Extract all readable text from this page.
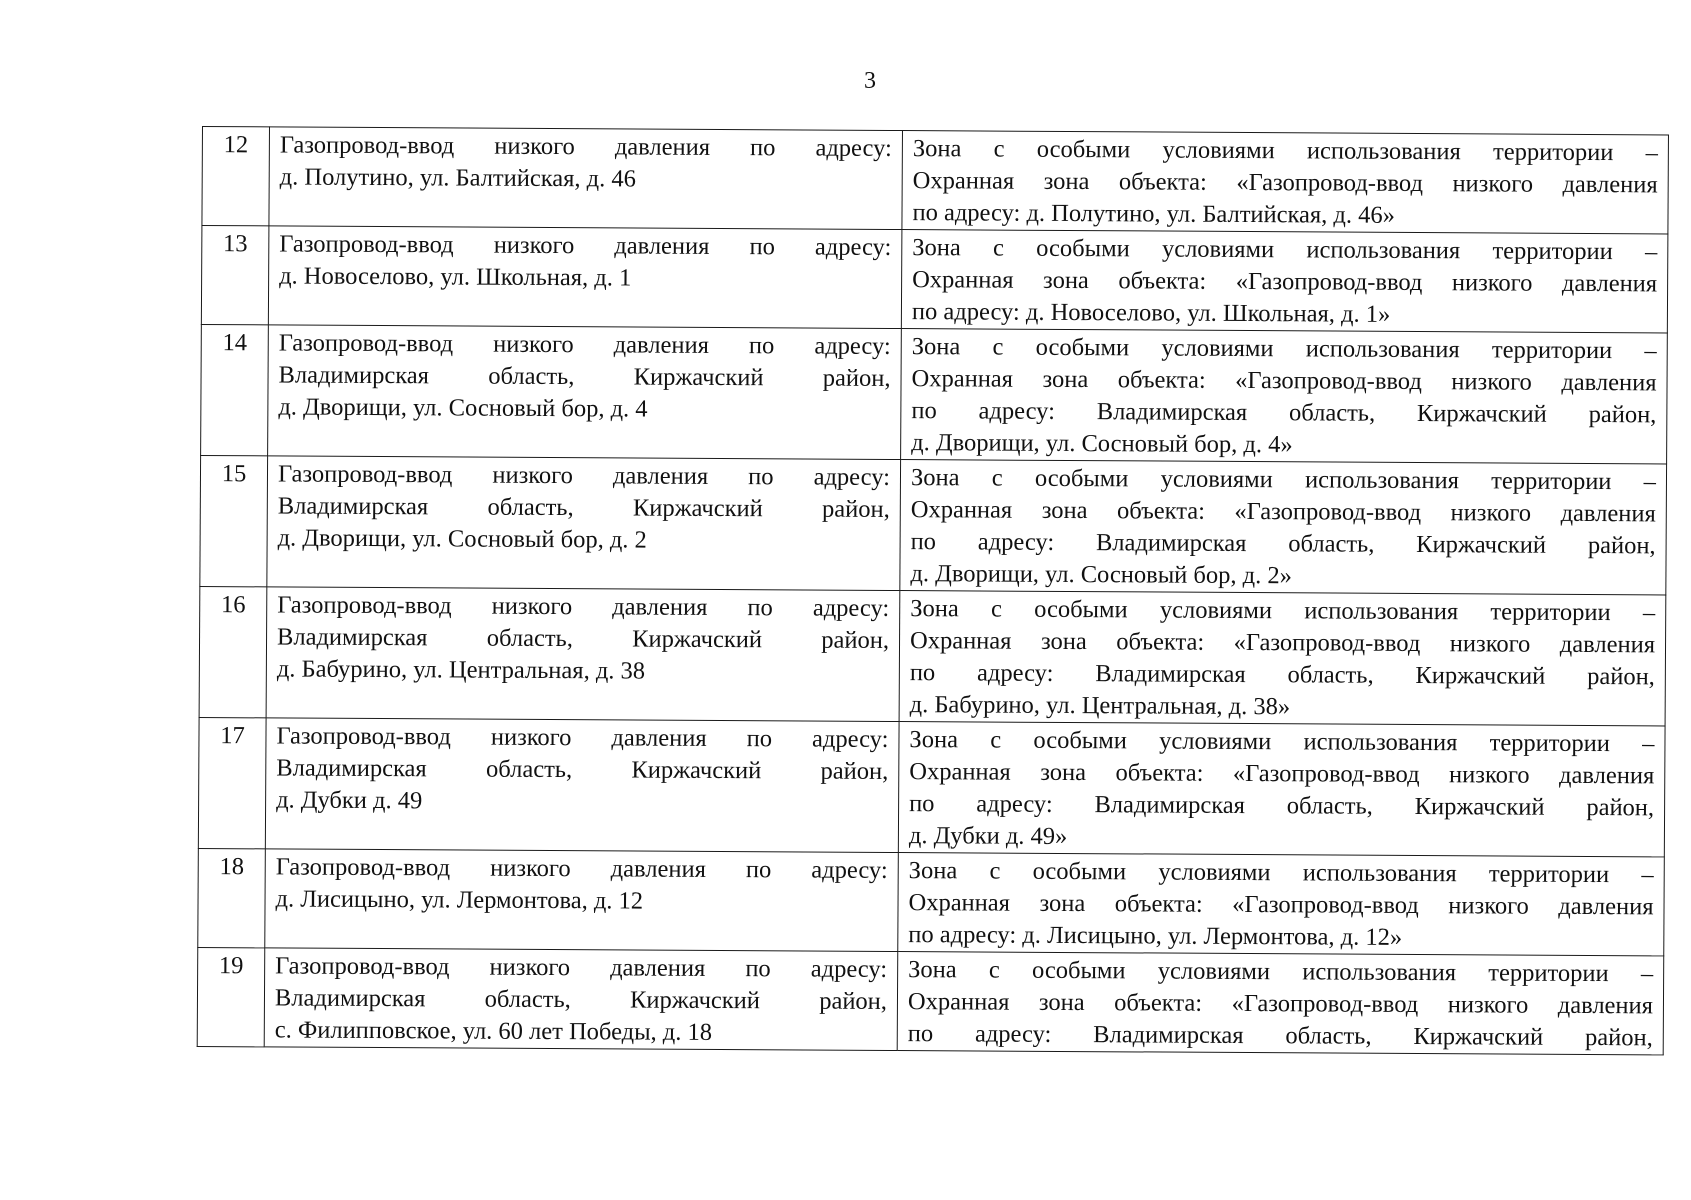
3
12	Газопровод-ввод низкого давления по адресу:
д. Полутино, ул. Балтийская, д. 46	Зона с особыми условиями использования территории –
Охранная зона объекта: «Газопровод-ввод низкого давления
по адресу: д. Полутино, ул. Балтийская, д. 46»

13	Газопровод-ввод низкого давления по адресу:
д. Новоселово, ул. Школьная, д. 1	Зона с особыми условиями использования территории –
Охранная зона объекта: «Газопровод-ввод низкого давления
по адресу: д. Новоселово, ул. Школьная, д. 1»

14	Газопровод-ввод низкого давления по адресу:
Владимирская область, Киржачский район,
д. Дворищи, ул. Сосновый бор, д. 4	Зона с особыми условиями использования территории –
Охранная зона объекта: «Газопровод-ввод низкого давления
по адресу: Владимирская область, Киржачский район,
д. Дворищи, ул. Сосновый бор, д. 4»

15	Газопровод-ввод низкого давления по адресу:
Владимирская область, Киржачский район,
д. Дворищи, ул. Сосновый бор, д. 2	Зона с особыми условиями использования территории –
Охранная зона объекта: «Газопровод-ввод низкого давления
по адресу: Владимирская область, Киржачский район,
д. Дворищи, ул. Сосновый бор, д. 2»

16	Газопровод-ввод низкого давления по адресу:
Владимирская область, Киржачский район,
д. Бабурино, ул. Центральная, д. 38	Зона с особыми условиями использования территории –
Охранная зона объекта: «Газопровод-ввод низкого давления
по адресу: Владимирская область, Киржачский район,
д. Бабурино, ул. Центральная, д. 38»

17	Газопровод-ввод низкого давления по адресу:
Владимирская область, Киржачский район,
д. Дубки д. 49	Зона с особыми условиями использования территории –
Охранная зона объекта: «Газопровод-ввод низкого давления
по адресу: Владимирская область, Киржачский район,
д. Дубки д. 49»

18	Газопровод-ввод низкого давления по адресу:
д. Лисицыно, ул. Лермонтова, д. 12	Зона с особыми условиями использования территории –
Охранная зона объекта: «Газопровод-ввод низкого давления
по адресу: д. Лисицыно, ул. Лермонтова, д. 12»

19	Газопровод-ввод низкого давления по адресу:
Владимирская область, Киржачский район,
с. Филипповское, ул. 60 лет Победы, д. 18	Зона с особыми условиями использования территории –
Охранная зона объекта: «Газопровод-ввод низкого давления
по адресу: Владимирская область, Киржачский район,
